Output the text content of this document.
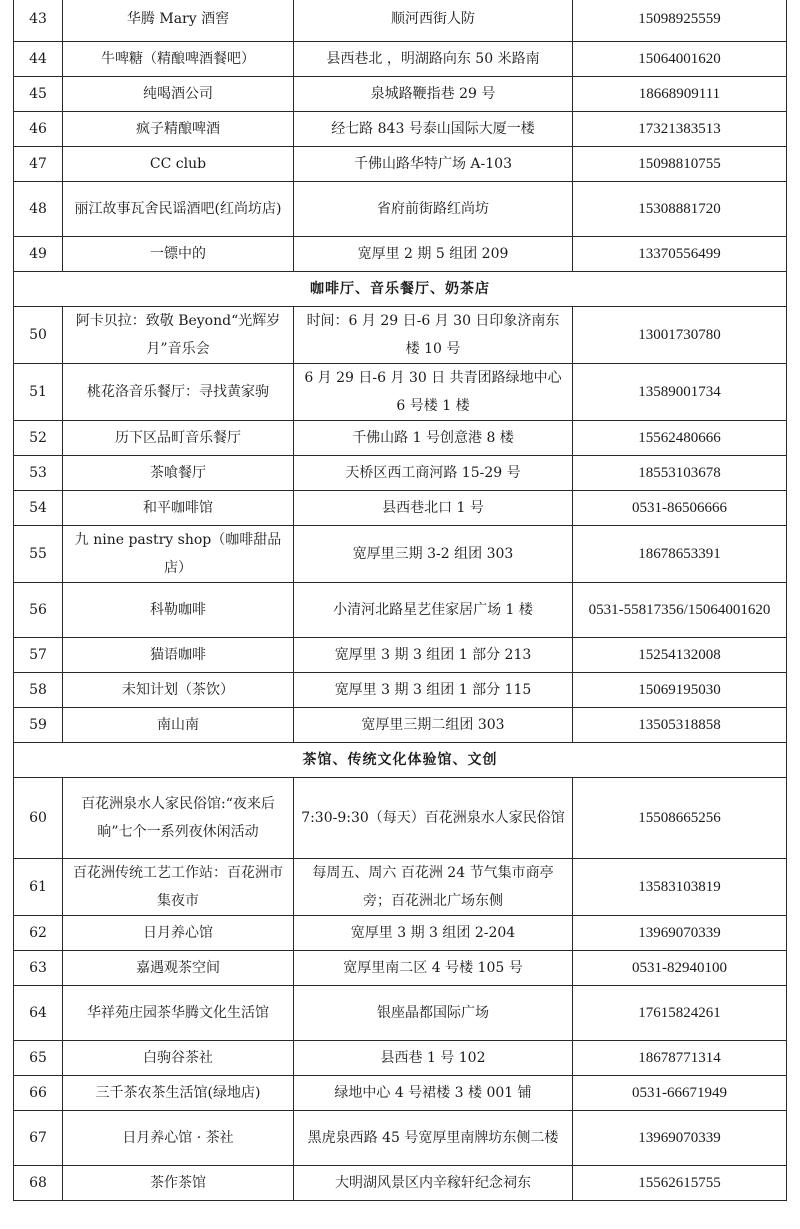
43	华腾 Mary 酒窖	顺河西街人防	15098925559
44	牛啤糖（精酿啤酒餐吧）	县西巷北 ，明湖路向东 50 米路南	15064001620
45	纯喝酒公司	泉城路鞭指巷 29 号	18668909111
46	疯子精酿啤酒	经七路 843 号泰山国际大厦一楼	17321383513
47	CC club	千佛山路华特广场 A-103	15098810755
48	丽江故事瓦舍民谣酒吧(红尚坊店)	省府前街路红尚坊	15308881720
49	一镖中的	宽厚里 2 期 5 组团 209	13370556499
咖啡厅、音乐餐厅、奶茶店			
50	阿卡贝拉：致敬 Beyond“光辉岁月”音乐会	时间：6 月 29 日-6 月 30 日印象济南东楼 10 号	13001730780
51	桃花洛音乐餐厅：寻找黄家驹	6 月 29 日-6 月 30 日 共青团路绿地中心 6 号楼 1 楼	13589001734
52	历下区品町音乐餐厅	千佛山路 1 号创意港 8 楼	15562480666
53	茶喰餐厅	天桥区西工商河路 15-29 号	18553103678
54	和平咖啡馆	县西巷北口 1 号	0531-86506666
55	九 nine pastry shop（咖啡甜品店）	宽厚里三期 3-2 组团 303	18678653391
56	科勒咖啡	小清河北路星艺佳家居广场 1 楼	0531-55817356/15064001620
57	猫语咖啡	宽厚里 3 期 3 组团 1 部分 213	15254132008
58	未知计划（茶饮）	宽厚里 3 期 3 组团 1 部分 115	15069195030
59	南山南	宽厚里三期二组团 303	13505318858
茶馆、传统文化体验馆、文创			
60	百花洲泉水人家民俗馆:“夜来后晌”七个一系列夜休闲活动	7:30-9:30（每天）百花洲泉水人家民俗馆	15508665256
61	百花洲传统工艺工作站：百花洲市集夜市	每周五、周六 百花洲 24 节气集市商亭旁；百花洲北广场东侧	13583103819
62	日月养心馆	宽厚里 3 期 3 组团 2-204	13969070339
63	嘉遇观茶空间	宽厚里南二区 4 号楼 105 号	0531-82940100
64	华祥苑庄园茶华腾文化生活馆	银座晶都国际广场	17615824261
65	白驹谷茶社	县西巷 1 号 102	18678771314
66	三千茶农茶生活馆(绿地店)	绿地中心 4 号裙楼 3 楼 001 铺	0531-66671949
67	日月养心馆 · 茶社	黑虎泉西路 45 号宽厚里南牌坊东侧二楼	13969070339
68	茶作茶馆	大明湖风景区内辛稼轩纪念祠东	15562615755
